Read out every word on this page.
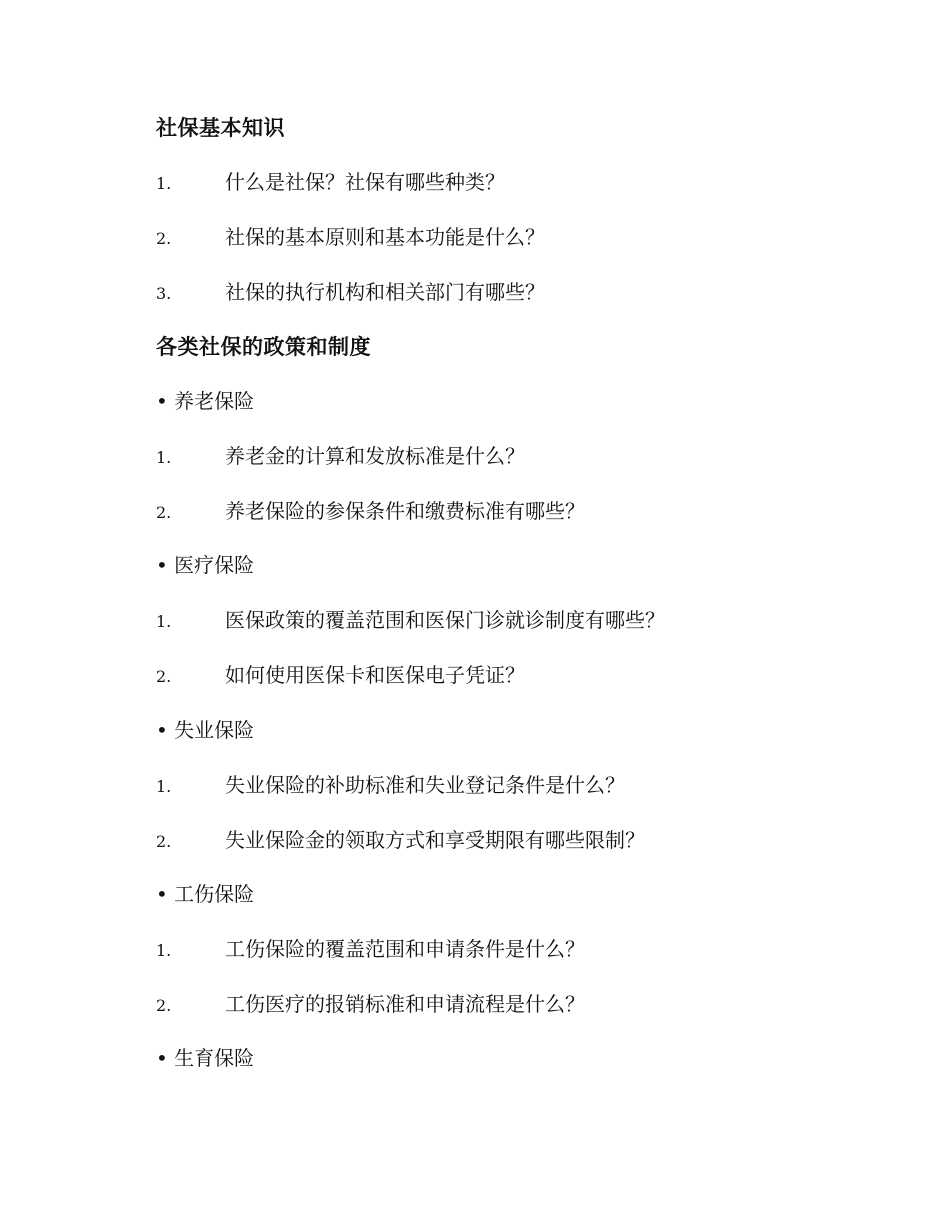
社保基本知识
1.	什么是社保？社保有哪些种类？
2.	社保的基本原则和基本功能是什么？
3.	社保的执行机构和相关部门有哪些？
各类社保的政策和制度
• 养老保险
1.	养老金的计算和发放标准是什么？
2.	养老保险的参保条件和缴费标准有哪些？
• 医疗保险
1.	医保政策的覆盖范围和医保门诊就诊制度有哪些？
2.	如何使用医保卡和医保电子凭证？
• 失业保险
1.	失业保险的补助标准和失业登记条件是什么？
2.	失业保险金的领取方式和享受期限有哪些限制？
• 工伤保险
1.	工伤保险的覆盖范围和申请条件是什么？
2.	工伤医疗的报销标准和申请流程是什么？
• 生育保险
